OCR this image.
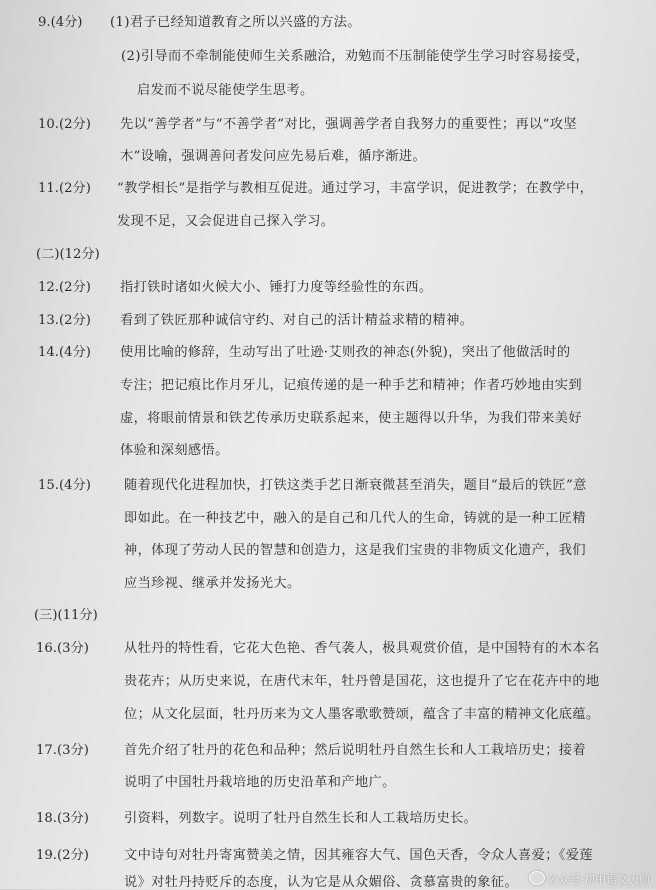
9.(4分) (1)君子已经知道教育之所以兴盛的方法。
(2)引导而不牵制能使师生关系融洽，劝勉而不压制能使学生学习时容易接受，
启发而不说尽能使学生思考。
10.(2分) 先以“善学者”与“不善学者”对比，强调善学者自我努力的重要性；再以“攻坚
木”设喻，强调善问者发问应先易后难，循序渐进。
11.(2分) “教学相长”是指学与教相互促进。通过学习，丰富学识，促进教学；在教学中，
发现不足，又会促进自己探入学习。
(二)(12分)
12.(2分) 指打铁时诸如火候大小、锤打力度等经验性的东西。
13.(2分) 看到了铁匠那种诚信守约、对自己的活计精益求精的精神。
14.(4分) 使用比喻的修辞，生动写出了吐逊·艾则孜的神态(外貌)，突出了他做活时的
专注；把记痕比作月牙儿，记痕传递的是一种手艺和精神；作者巧妙地由实到
虚，将眼前情景和铁艺传承历史联系起来，使主题得以升华，为我们带来美好
体验和深刻感悟。
15.(4分)	随着现代化进程加快，打铁这类手艺日渐衰微甚至消失，题目“最后的铁匠”意
即如此。在一种技艺中，融入的是自己和几代人的生命，铸就的是一种工匠精
神，体现了劳动人民的智慧和创造力，这是我们宝贵的非物质文化遗产，我们
应当珍视、继承并发扬光大。
(三)(11分)
16.(3分)	从牡丹的特性看，它花大色艳、香气袭人，极具观赏价值，是中国特有的木本名
贵花卉；从历史来说，在唐代末年，牡丹曾是国花，这也提升了它在花卉中的地
位；从文化层面，牡丹历来为文人墨客歌歌赞颂，蕴含了丰富的精神文化底蕴。
17.(3分)	首先介绍了牡丹的花色和品种；然后说明牡丹自然生长和人工栽培历史；接着
说明了中国牡丹栽培地的历史沿革和产地广。
18.(3分)	引资料，列数字。说明了牡丹自然生长和人工栽培历史长。
19.(2分)	文中诗句对牡丹寄寓赞美之情，因其雍容大气、国色天香，令众人喜爱；《爱莲
说》对牡丹持贬斥的态度，认为它是从众媚俗、贪慕富贵的象征。	公众号·初中语文大师
